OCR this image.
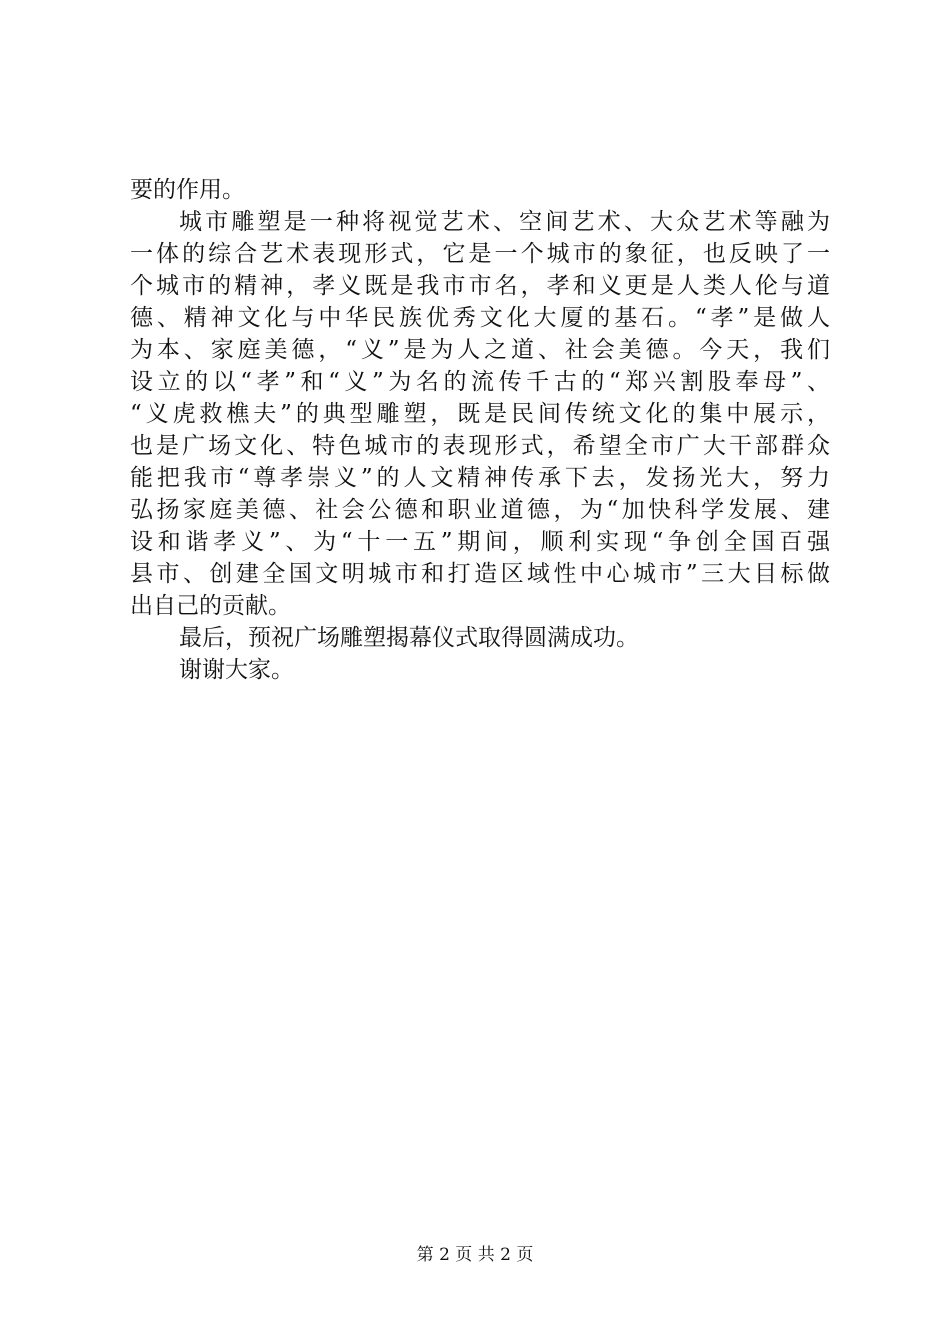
要的作用。
城市雕塑是一种将视觉艺术、空间艺术、大众艺术等融为
一体的综合艺术表现形式，它是一个城市的象征，也反映了一
个城市的精神，孝义既是我市市名，孝和义更是人类人伦与道
德、精神文化与中华民族优秀文化大厦的基石。“孝”是做人
为本、家庭美德，“义”是为人之道、社会美德。今天，我们
设立的以“孝”和“义”为名的流传千古的“郑兴割股奉母”、
“义虎救樵夫”的典型雕塑，既是民间传统文化的集中展示，
也是广场文化、特色城市的表现形式，希望全市广大干部群众
能把我市“尊孝崇义”的人文精神传承下去，发扬光大，努力
弘扬家庭美德、社会公德和职业道德，为“加快科学发展、建
设和谐孝义”、为“十一五”期间，顺利实现“争创全国百强
县市、创建全国文明城市和打造区域性中心城市”三大目标做
出自己的贡献。
最后，预祝广场雕塑揭幕仪式取得圆满成功。
谢谢大家。
第 2 页 共 2 页
